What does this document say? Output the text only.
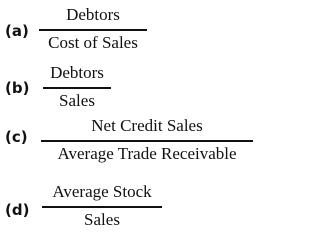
(a)
Debtors
Cost of Sales
(b)
Debtors
Sales
(c)
Net Credit Sales
Average Trade Receivable
(d)
Average Stock
Sales
